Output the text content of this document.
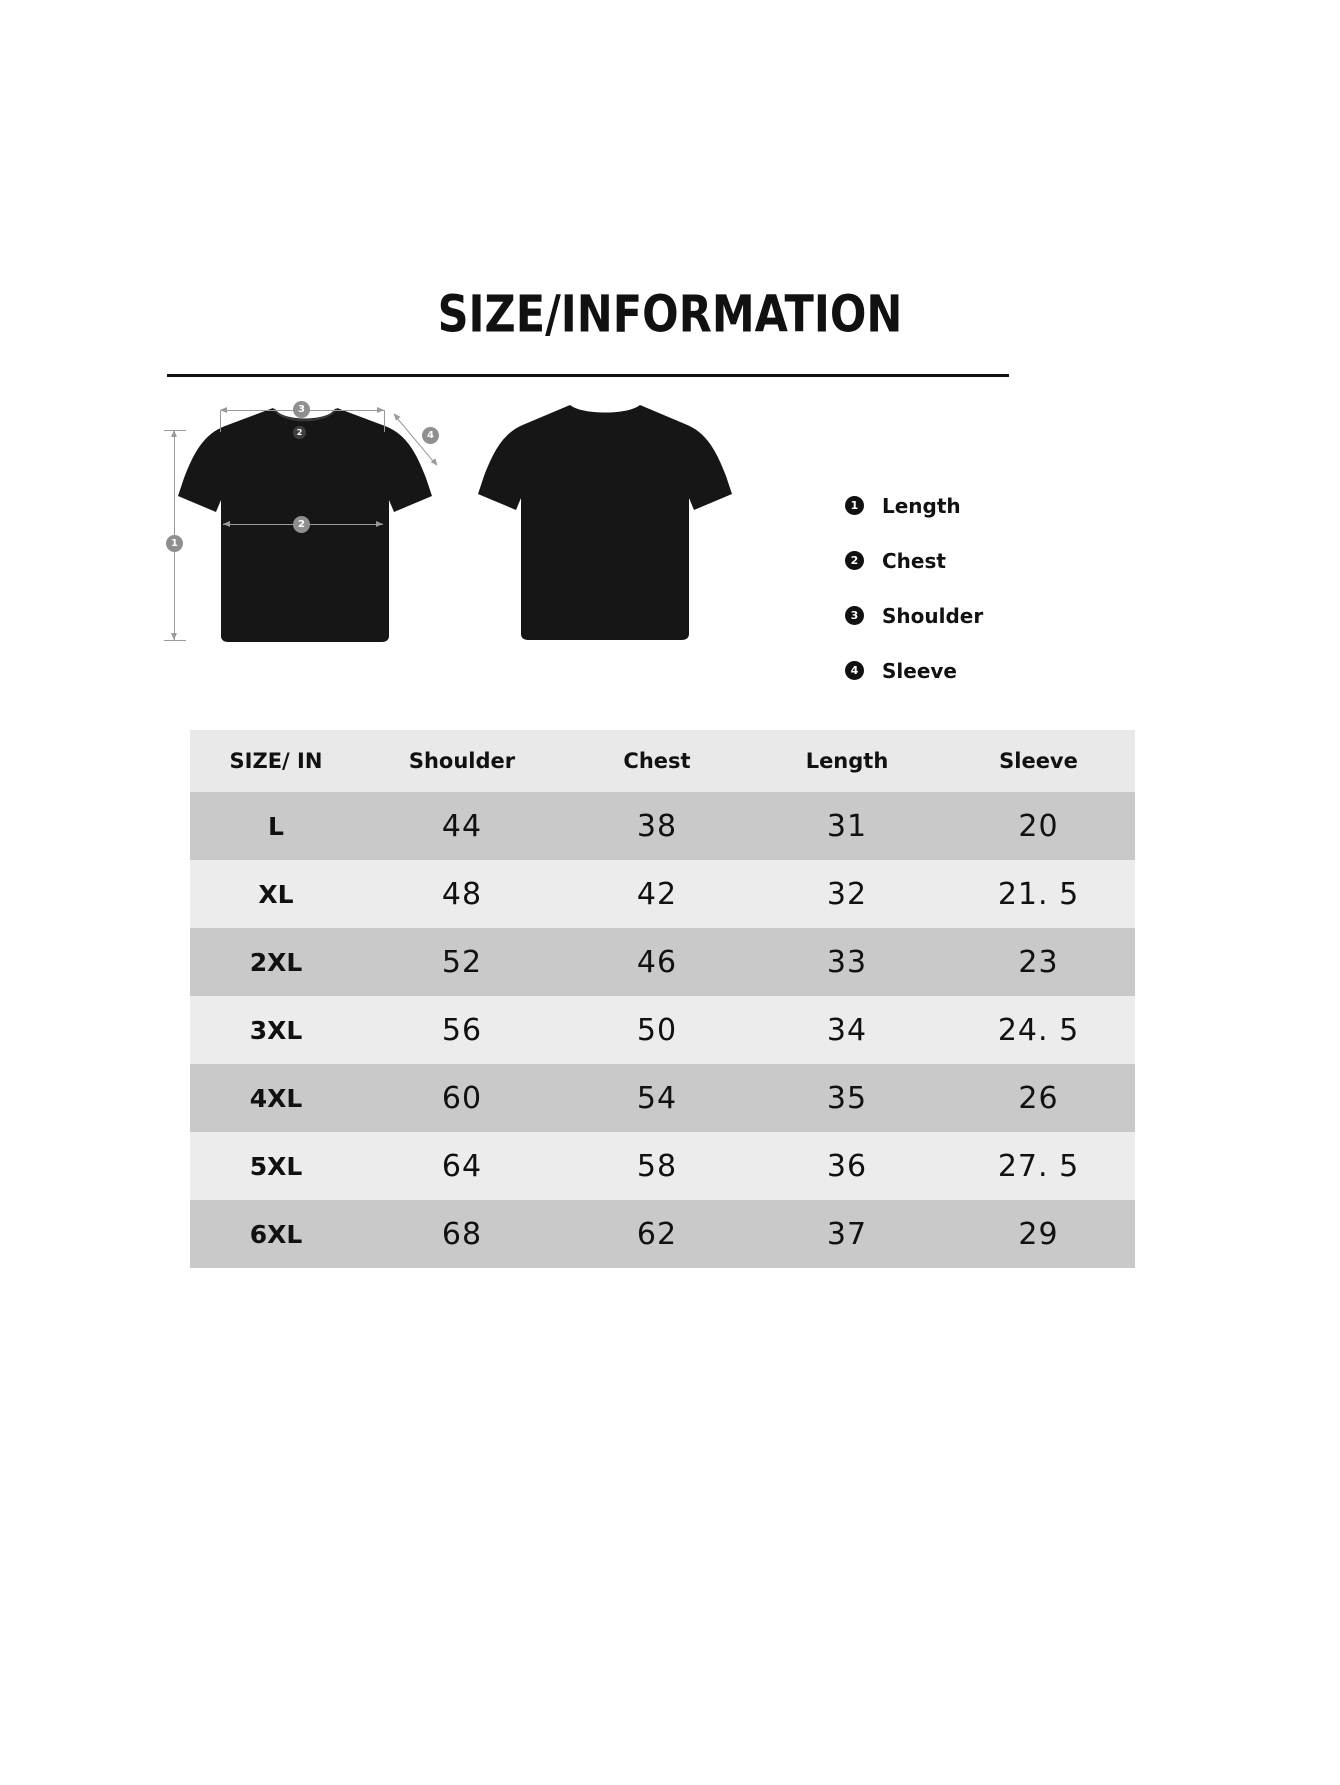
SIZE/INFORMATION
3
2
2
1
4
1 Length
2 Chest
3 Shoulder
4 Sleeve
SIZE/ IN	Shoulder	Chest	Length	Sleeve
L	44	38	31	20
XL	48	42	32	21. 5
2XL	52	46	33	23
3XL	56	50	34	24. 5
4XL	60	54	35	26
5XL	64	58	36	27. 5
6XL	68	62	37	29
